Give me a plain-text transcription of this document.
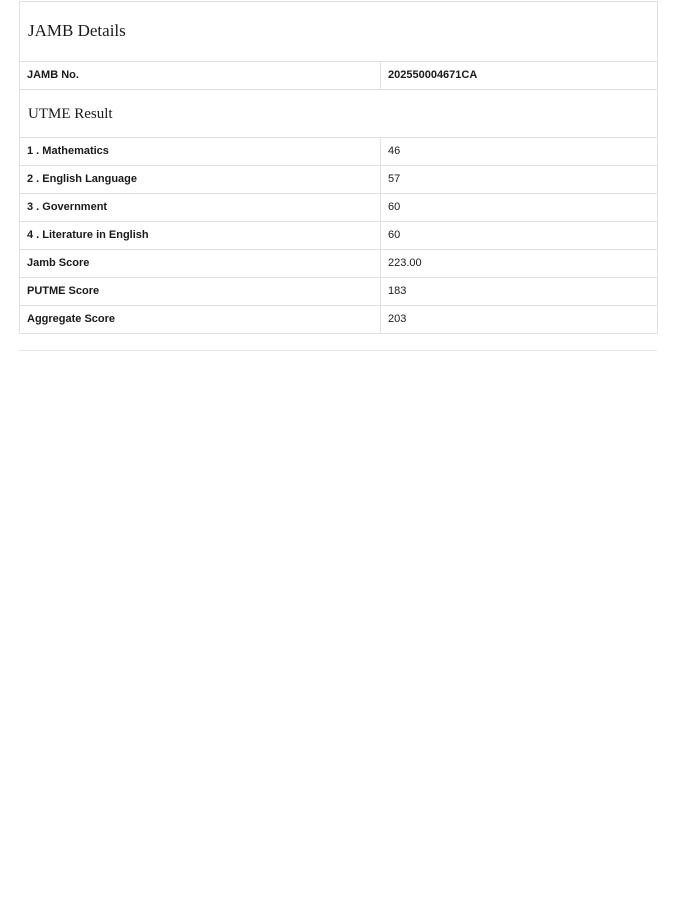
JAMB Details	
JAMB No.	202550004671CA
UTME Result	
1 . Mathematics	46
2 . English Language	57
3 . Government	60
4 . Literature in English	60
Jamb Score	223.00
PUTME Score	183
Aggregate Score	203
